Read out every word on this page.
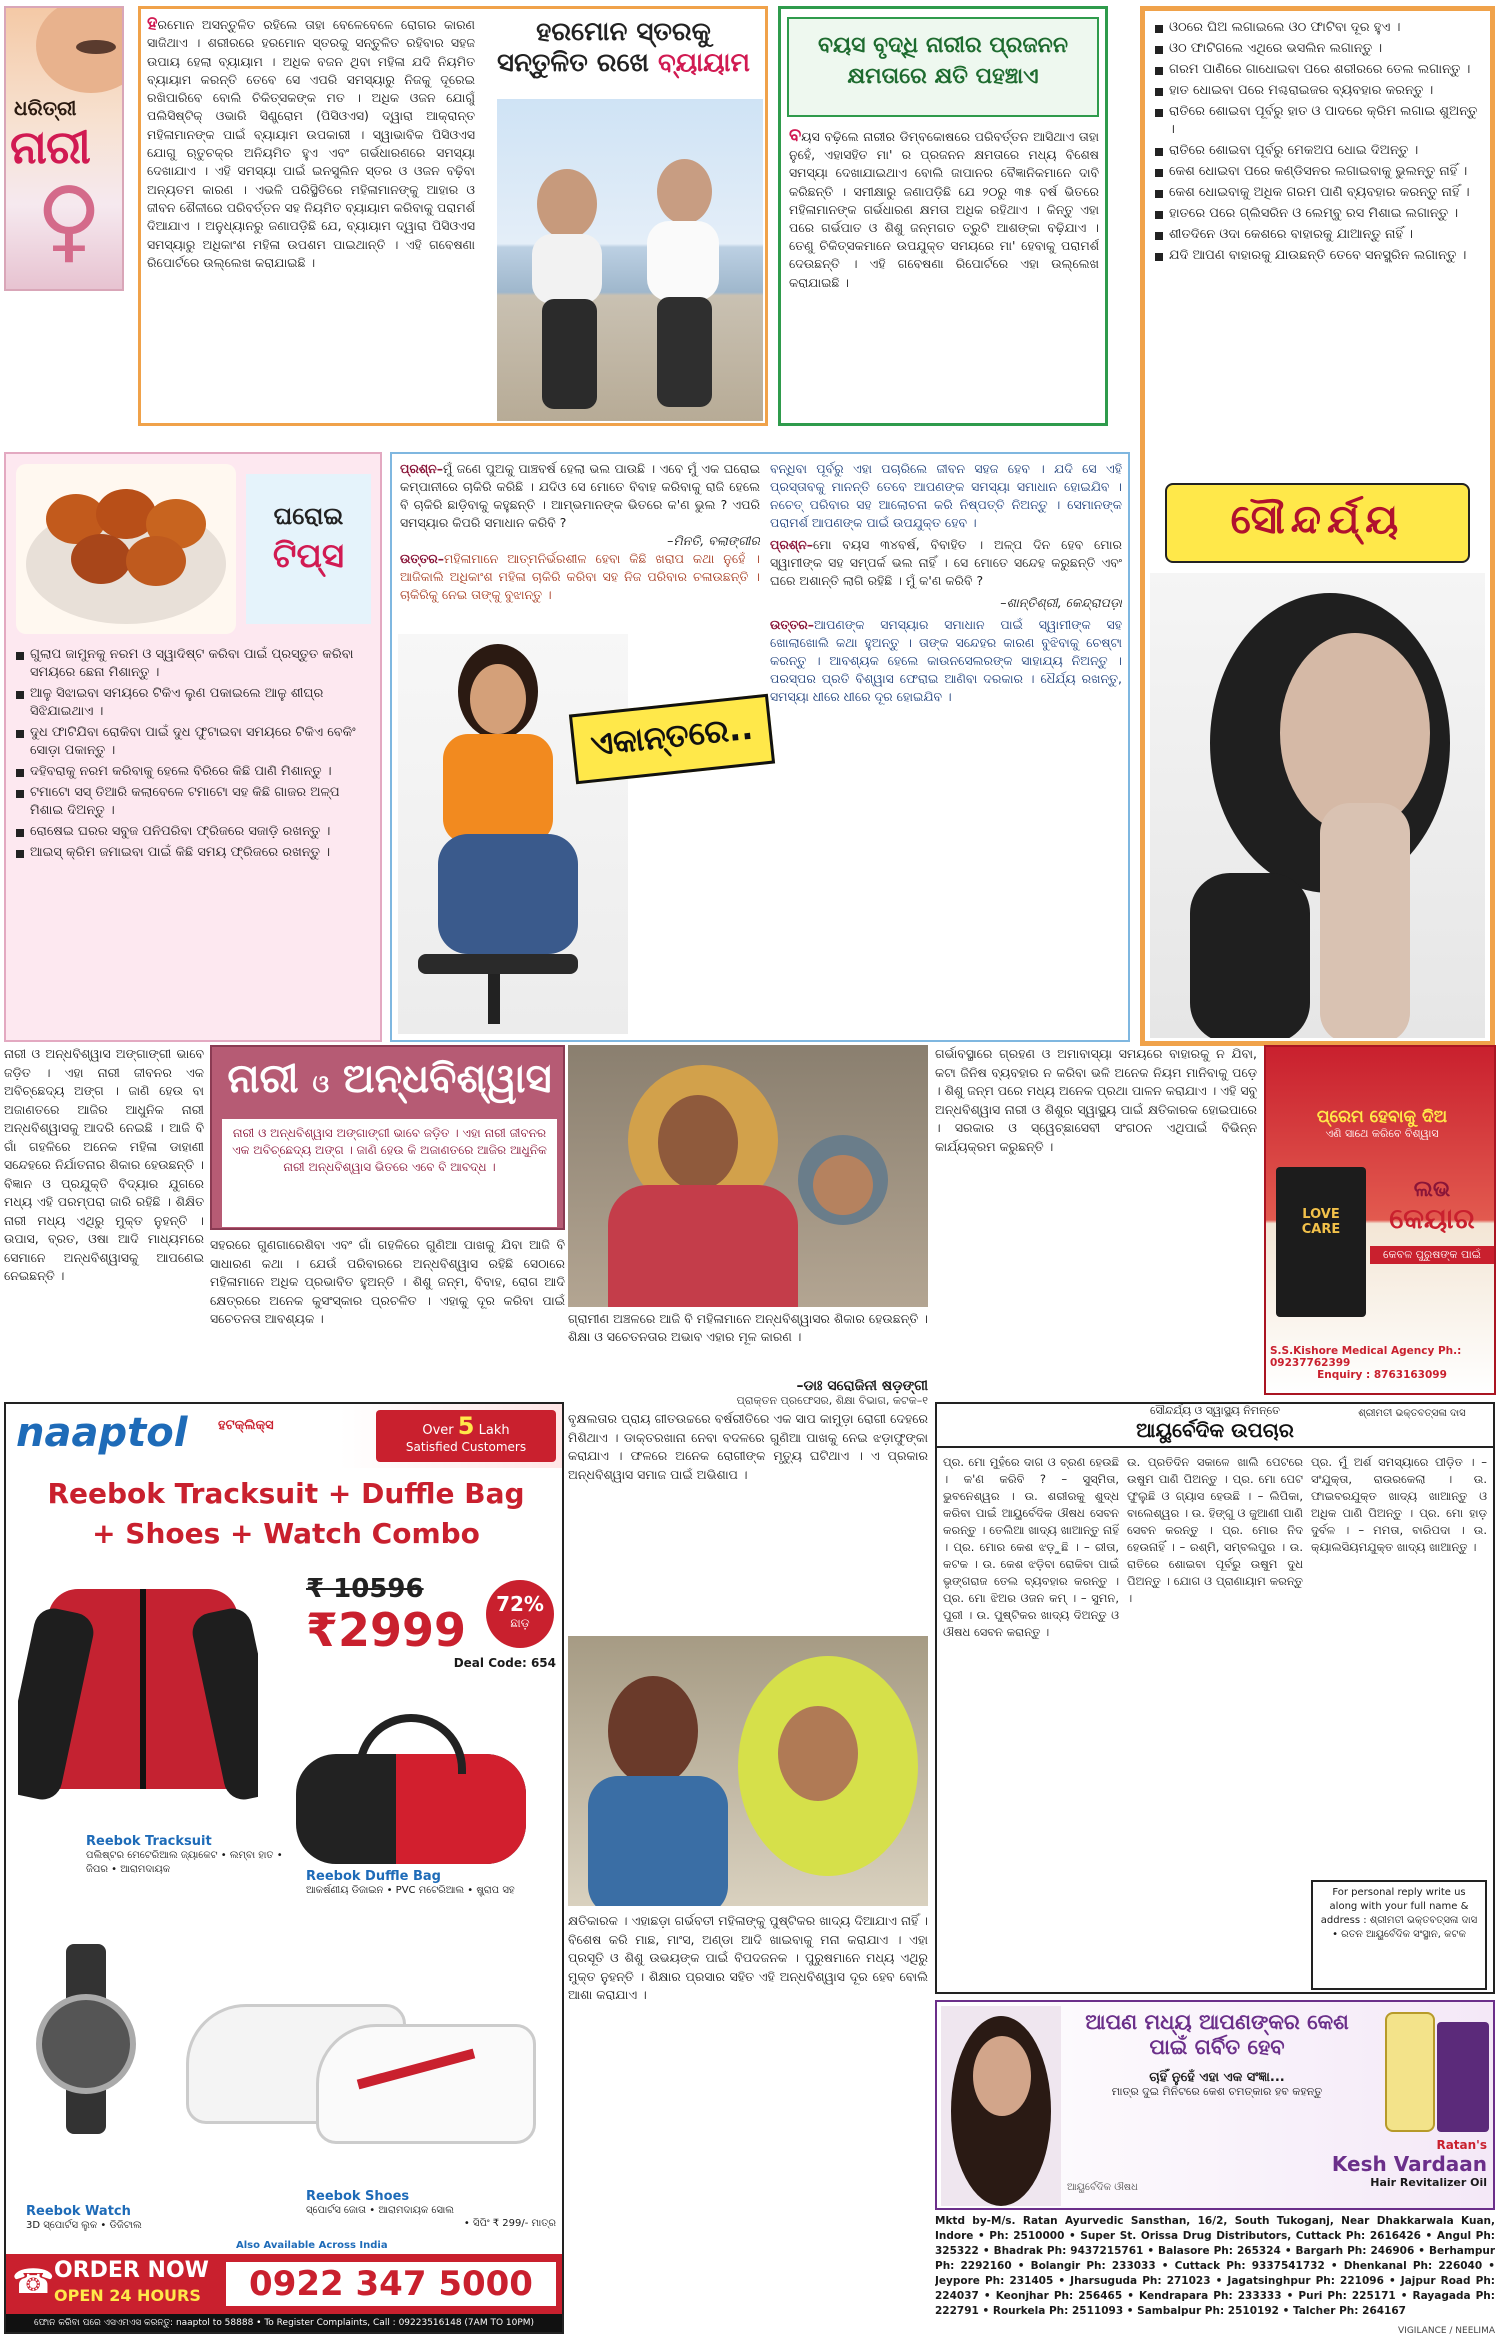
ଧରିତ୍ରୀ
ନାରୀ
♀
ହରମୋନ ଅସନ୍ତୁଳିତ ରହିଲେ ତାହା ବେଳେବେଳେ ରୋଗର କାରଣ ସାଜିଥାଏ । ଶରୀରରେ ହରମୋନ ସ୍ତରକୁ ସନ୍ତୁଳିତ ରହିବାର ସହଜ ଉପାୟ ହେଲା ବ୍ୟାୟାମ । ଅଧିକ ବଜନ ଥିବା ମହିଳା ଯଦି ନିୟମିତ ବ୍ୟାୟାମ କରନ୍ତି ତେବେ ସେ ଏପରି ସମସ୍ୟାରୁ ନିଜକୁ ଦୂରେଇ ରଖିପାରିବେ ବୋଲି ଚିକିତ୍ସକଙ୍କ ମତ । ଅଧିକ ଓଜନ ଯୋଗୁଁ ପଲିସିଷ୍ଟିକ୍ ଓଭାରି ସିଣ୍ଡ୍ରୋମ (ପିସିଓଏସ) ଦ୍ୱାରା ଆକ୍ରାନ୍ତ ମହିଳାମାନଙ୍କ ପାଇଁ ବ୍ୟାୟାମ ଉପକାରୀ । ସ୍ୱାଭାବିକ ପିସିଓଏସ ଯୋଗୁ ଋତୁଚକ୍ର ଅନିୟମିତ ହୁଏ ଏବଂ ଗର୍ଭଧାରଣରେ ସମସ୍ୟା ଦେଖାଯାଏ । ଏହି ସମସ୍ୟା ପାଇଁ ଇନସୁଲିନ ସ୍ତର ଓ ଓଜନ ବଢ଼ିବା ଅନ୍ୟତମ କାରଣ । ଏଭଳି ପରିସ୍ଥିତିରେ ମହିଳାମାନଙ୍କୁ ଆହାର ଓ ଜୀବନ ଶୈଳୀରେ ପରିବର୍ତ୍ତନ ସହ ନିୟମିତ ବ୍ୟାୟାମ କରିବାକୁ ପରାମର୍ଶ ଦିଆଯାଏ । ଅନୁଧ୍ୟାନରୁ ଜଣାପଡ଼ିଛି ଯେ, ବ୍ୟାୟାମ ଦ୍ୱାରା ପିସିଓଏସ ସମସ୍ୟାରୁ ଅଧିକାଂଶ ମହିଳା ଉପଶମ ପାଇଥାନ୍ତି । ଏହି ଗବେଷଣା ରିପୋର୍ଟରେ ଉଲ୍ଲେଖ କରାଯାଇଛି ।
ହରମୋନ ସ୍ତରକୁ
ସନ୍ତୁଳିତ ରଖେ ବ୍ୟାୟାମ
ବୟସ ବୃଦ୍ଧି ନାରୀର ପ୍ରଜନନ
କ୍ଷମତାରେ କ୍ଷତି ପହଞ୍ଚାଏ
ବୟସ ବଢ଼ିଲେ ନାରୀର ଡିମ୍ବକୋଷରେ ପରିବର୍ତ୍ତନ ଆସିଥାଏ ତାହା ନୁହେଁ, ଏହାସହିତ ମା' ର ପ୍ରଜନନ କ୍ଷମତାରେ ମଧ୍ୟ ବିଶେଷ ସମସ୍ୟା ଦେଖାଯାଇଥାଏ ବୋଲି ଜାପାନର ବୈଜ୍ଞାନିକମାନେ ଦାବି କରିଛନ୍ତି । ସମୀକ୍ଷାରୁ ଜଣାପଡ଼ିଛି ଯେ ୨୦ରୁ ୩୫ ବର୍ଷ ଭିତରେ ମହିଳାମାନଙ୍କ ଗର୍ଭଧାରଣ କ୍ଷମତା ଅଧିକ ରହିଥାଏ । କିନ୍ତୁ ଏହା ପରେ ଗର୍ଭପାତ ଓ ଶିଶୁ ଜନ୍ମଗତ ତ୍ରୁଟି ଆଶଙ୍କା ବଢ଼ିଯାଏ । ତେଣୁ ଚିକିତ୍ସକମାନେ ଉପଯୁକ୍ତ ସମୟରେ ମା' ହେବାକୁ ପରାମର୍ଶ ଦେଉଛନ୍ତି । ଏହି ଗବେଷଣା ରିପୋର୍ଟରେ ଏହା ଉଲ୍ଲେଖ କରାଯାଇଛି ।
ଓଠରେ ଘିଅ ଲଗାଇଲେ ଓଠ ଫାଟିବା ଦୂର ହୁଏ ।
ଓଠ ଫାଟିଗଲେ ଏଥିରେ ଭସଲିନ ଲଗାନ୍ତୁ ।
ଗରମ ପାଣିରେ ଗାଧୋଇବା ପରେ ଶରୀରରେ ତେଲ ଲଗାନ୍ତୁ ।
ହାତ ଧୋଇବା ପରେ ମଶ୍ଚରାଇଜର ବ୍ୟବହାର କରନ୍ତୁ ।
ରାତିରେ ଶୋଇବା ପୂର୍ବରୁ ହାତ ଓ ପାଦରେ କ୍ରିମ ଲଗାଇ ଶୁଅନ୍ତୁ ।
ରାତିରେ ଶୋଇବା ପୂର୍ବରୁ ମେକଅପ ଧୋଇ ଦିଅନ୍ତୁ ।
କେଶ ଧୋଇବା ପରେ କଣ୍ଡିସନର ଲଗାଇବାକୁ ଭୁଲନ୍ତୁ ନାହିଁ ।
କେଶ ଧୋଇବାକୁ ଅଧିକ ଗରମ ପାଣି ବ୍ୟବହାର କରନ୍ତୁ ନାହିଁ ।
ହାତରେ ପରେ ଗ୍ଲିସରିନ ଓ ଲେମ୍ବୁ ରସ ମିଶାଇ ଲଗାନ୍ତୁ ।
ଶୀତଦିନେ ଓଦା କେଶରେ ବାହାରକୁ ଯାଆନ୍ତୁ ନାହିଁ ।
ଯଦି ଆପଣ ବାହାରକୁ ଯାଉଛନ୍ତି ତେବେ ସନସ୍କ୍ରିନ ଲଗାନ୍ତୁ ।
ସୌନ୍ଦର୍ଯ୍ୟ
ଘରୋଇ
ଟିପ୍ସ
ଗୁଲାପ ଜାମୁନକୁ ନରମ ଓ ସ୍ୱାଦିଷ୍ଟ କରିବା ପାଇଁ ପ୍ରସ୍ତୁତ କରିବା ସମୟରେ ଛେନା ମିଶାନ୍ତୁ ।
ଆଳୁ ସିଝାଇବା ସମୟରେ ଟିକିଏ ଲୁଣ ପକାଇଲେ ଆଳୁ ଶୀଘ୍ର ସିଝିଯାଇଥାଏ ।
ଦୁଧ ଫାଟିଯିବା ରୋକିବା ପାଇଁ ଦୁଧ ଫୁଟାଇବା ସମୟରେ ଟିକିଏ ବେକିଂ ସୋଡ଼ା ପକାନ୍ତୁ ।
ଦହିବରାକୁ ନରମ କରିବାକୁ ହେଲେ ବିରିରେ କିଛି ପାଣି ମିଶାନ୍ତୁ ।
ଟମାଟୋ ସସ୍ ତିଆରି କଲାବେଳେ ଟମାଟୋ ସହ କିଛି ଗାଜର ଅଳ୍ପ ମିଶାଇ ଦିଅନ୍ତୁ ।
ରୋଷେଇ ଘରର ସବୁଜ ପନିପରିବା ଫ୍ରିଜରେ ସଜାଡ଼ି ରଖନ୍ତୁ ।
ଆଇସ୍ କ୍ରିମ ଜମାଇବା ପାଇଁ କିଛି ସମୟ ଫ୍ରିଜରେ ରଖନ୍ତୁ ।
ପ୍ରଶ୍ନ–ମୁଁ ଜଣେ ପୁଅକୁ ପାଞ୍ଚବର୍ଷ ହେଲା ଭଲ ପାଉଛି । ଏବେ ମୁଁ ଏକ ଘରୋଇ କମ୍ପାନୀରେ ଚାକିରି କରିଛି । ଯଦିଓ ସେ ମୋତେ ବିବାହ କରିବାକୁ ରାଜି ହେଲେ ବି ଚାକିରି ଛାଡ଼ିବାକୁ କହୁଛନ୍ତି । ଆମ୍ଭମାନଙ୍କ ଭିତରେ କ'ଣ ଭୁଲ ? ଏପରି ସମସ୍ୟାର କିପରି ସମାଧାନ କରିବି ?
–ମିନତି, ବଲାଙ୍ଗୀର
ଉତ୍ତର–ମହିଳାମାନେ ଆତ୍ମନିର୍ଭରଶୀଳ ହେବା କିଛି ଖରାପ କଥା ନୁହେଁ । ଆଜିକାଲି ଅଧିକାଂଶ ମହିଳା ଚାକିରି କରିବା ସହ ନିଜ ପରିବାର ଚଳାଉଛନ୍ତି । ଚାକିରିକୁ ନେଇ ତାଙ୍କୁ ବୁଝାନ୍ତୁ ।
ଏକାନ୍ତରେ..

ବନ୍ଧିବା ପୂର୍ବରୁ ଏହା ପଚାରିଲେ ଜୀବନ ସହଜ ହେବ । ଯଦି ସେ ଏହି ପ୍ରସ୍ତାବକୁ ମାନନ୍ତି ତେବେ ଆପଣଙ୍କ ସମସ୍ୟା ସମାଧାନ ହୋଇଯିବ । ନଚେତ୍ ପରିବାର ସହ ଆଲୋଚନା କରି ନିଷ୍ପତ୍ତି ନିଅନ୍ତୁ । ସେମାନଙ୍କ ପରାମର୍ଶ ଆପଣଙ୍କ ପାଇଁ ଉପଯୁକ୍ତ ହେବ ।

ପ୍ରଶ୍ନ–ମୋ ବୟସ ୩୪ବର୍ଷ, ବିବାହିତ । ଅଳ୍ପ ଦିନ ହେବ ମୋର ସ୍ୱାମୀଙ୍କ ସହ ସମ୍ପର୍କ ଭଲ ନାହିଁ । ସେ ମୋତେ ସନ୍ଦେହ କରୁଛନ୍ତି ଏବଂ ଘରେ ଅଶାନ୍ତି ଲାଗି ରହିଛି । ମୁଁ କ'ଣ କରିବି ?

–ଶାନ୍ତିଶ୍ରୀ, କେନ୍ଦ୍ରାପଡ଼ା

ଉତ୍ତର–ଆପଣଙ୍କ ସମସ୍ୟାର ସମାଧାନ ପାଇଁ ସ୍ୱାମୀଙ୍କ ସହ ଖୋଲାଖୋଲି କଥା ହୁଅନ୍ତୁ । ତାଙ୍କ ସନ୍ଦେହର କାରଣ ବୁଝିବାକୁ ଚେଷ୍ଟା କରନ୍ତୁ । ଆବଶ୍ୟକ ହେଲେ କାଉନସେଲରଙ୍କ ସାହାଯ୍ୟ ନିଅନ୍ତୁ । ପରସ୍ପର ପ୍ରତି ବିଶ୍ୱାସ ଫେରାଇ ଆଣିବା ଦରକାର । ଧୈର୍ଯ୍ୟ ରଖନ୍ତୁ, ସମସ୍ୟା ଧୀରେ ଧୀରେ ଦୂର ହୋଇଯିବ ।

ନାରୀ ଓ ଅନ୍ଧବିଶ୍ୱାସ ଅଙ୍ଗାଙ୍ଗୀ ଭାବେ ଜଡ଼ିତ । ଏହା ନାରୀ ଜୀବନର ଏକ ଅବିଚ୍ଛେଦ୍ୟ ଅଙ୍ଗ । ଜାଣି ହେଉ ବା ଅଜାଣତରେ ଆଜିର ଆଧୁନିକ ନାରୀ ଅନ୍ଧବିଶ୍ୱାସକୁ ଆଦରି ନେଇଛି । ଆଜି ବି ଗାଁ ଗହଳିରେ ଅନେକ ମହିଳା ଡାହାଣୀ ସନ୍ଦେହରେ ନିର୍ଯାତନାର ଶିକାର ହେଉଛନ୍ତି । ବିଜ୍ଞାନ ଓ ପ୍ରଯୁକ୍ତି ବିଦ୍ୟାର ଯୁଗରେ ମଧ୍ୟ ଏହି ପରମ୍ପରା ଜାରି ରହିଛି । ଶିକ୍ଷିତ ନାରୀ ମଧ୍ୟ ଏଥିରୁ ମୁକ୍ତ ନୁହନ୍ତି । ଉପାସ, ବ୍ରତ, ଓଷା ଆଦି ମାଧ୍ୟମରେ ସେମାନେ ଅନ୍ଧବିଶ୍ୱାସକୁ ଆପଣେଇ ନେଇଛନ୍ତି ।
ନାରୀ ଓ ଅନ୍ଧବିଶ୍ୱାସ
ନାରୀ ଓ ଅନ୍ଧବିଶ୍ୱାସ ଅଙ୍ଗାଙ୍ଗୀ ଭାବେ ଜଡ଼ିତ । ଏହା ନାରୀ ଜୀବନର ଏକ ଅବିଚ୍ଛେଦ୍ୟ ଅଙ୍ଗ । ଜାଣି ହେଉ କି ଅଜାଣତରେ ଆଜିର ଆଧୁନିକ ନାରୀ ଅନ୍ଧବିଶ୍ୱାସ ଭିତରେ ଏବେ ବି ଆବଦ୍ଧ ।
ସହରରେ ଗୁଣଗାରେଶିବା ଏବଂ ଗାଁ ଗହଳିରେ ଗୁଣିଆ ପାଖକୁ ଯିବା ଆଜି ବି ସାଧାରଣ କଥା । ଯେଉଁ ପରିବାରରେ ଅନ୍ଧବିଶ୍ୱାସ ରହିଛି ସେଠାରେ ମହିଳାମାନେ ଅଧିକ ପ୍ରଭାବିତ ହୁଅନ୍ତି । ଶିଶୁ ଜନ୍ମ, ବିବାହ, ରୋଗ ଆଦି କ୍ଷେତ୍ରରେ ଅନେକ କୁସଂସ୍କାର ପ୍ରଚଳିତ । ଏହାକୁ ଦୂର କରିବା ପାଇଁ ସଚେତନତା ଆବଶ୍ୟକ ।	ଗ୍ରାମୀଣ ଅଞ୍ଚଳରେ ଆଜି ବି ମହିଳାମାନେ ଅନ୍ଧବିଶ୍ୱାସର ଶିକାର ହେଉଛନ୍ତି । ଶିକ୍ଷା ଓ ସଚେତନତାର ଅଭାବ ଏହାର ମୂଳ କାରଣ ।
–ଡାଃ ସରୋଜିନୀ ଷଡ଼ଙ୍ଗୀ
ପ୍ରାକ୍ତନ ପ୍ରଫେସର, ଶିକ୍ଷା ବିଭାଗ, କଟକ–୧
ଗର୍ଭାବସ୍ଥାରେ ଗ୍ରହଣ ଓ ଅମାବାସ୍ୟା ସମୟରେ ବାହାରକୁ ନ ଯିବା, କଟା ଜିନିଷ ବ୍ୟବହାର ନ କରିବା ଭଳି ଅନେକ ନିୟମ ମାନିବାକୁ ପଡ଼େ । ଶିଶୁ ଜନ୍ମ ପରେ ମଧ୍ୟ ଅନେକ ପ୍ରଥା ପାଳନ କରାଯାଏ । ଏହି ସବୁ ଅନ୍ଧବିଶ୍ୱାସ ନାରୀ ଓ ଶିଶୁର ସ୍ୱାସ୍ଥ୍ୟ ପାଇଁ କ୍ଷତିକାରକ ହୋଇପାରେ । ସରକାର ଓ ସ୍ୱେଚ୍ଛାସେବୀ ସଂଗଠନ ଏଥିପାଇଁ ବିଭିନ୍ନ କାର୍ଯ୍ୟକ୍ରମ କରୁଛନ୍ତି ।
ପ୍ରେମ ହେବାକୁ ଦିଅ
ଏଣି ସାଥେ କରିବେ ବିଶ୍ୱାସ
LOVE
CARE
ଲଭ
କେୟାର
କେବଳ ପୁରୁଷଙ୍କ ପାଇଁ
S.S.Kishore Medical Agency Ph.: 09237762399
Enquiry : 8763163099
naaptol ହଟକ୍ଲିକ୍ସ	Over 5 Lakh
Satisfied Customers
Reebok Tracksuit + Duffle Bag
+ Shoes + Watch Combo
₹ 10596
₹2999
Deal Code: 654
72%
ଛାଡ଼
Reebok Tracksuit
ପଲିଷ୍ଟର ମେଟେରିଆଲ ଜ୍ୟାକେଟ • ଲମ୍ବା ହାତ • ଜିପର • ଆରାମଦାୟକ	Reebok Duffle Bag
ଆକର୍ଷଣୀୟ ଡିଜାଇନ • PVC ମଟେରିଆଲ • ଷ୍ଟ୍ରାପ ସହ
Reebok Watch
3D ସ୍ପୋର୍ଟସ ଲୁକ • ଡିଜିଟାଲ
Reebok Shoes
ସ୍ପୋର୍ଟସ ଜୋତା • ଆରାମଦାୟକ ସୋଲ
• ସିପିଂ ₹ 299/- ମାତ୍ର
☎ ORDER NOW
OPEN 24 HOURS
Also Available Across India
0922 347 5000
ଫୋନ କରିବା ପରେ ଏସଏମଏସ କରନ୍ତୁ: naaptol to 58888 • To Register Complaints, Call : 09223516148 (7AM TO 10PM)
ବୃକ୍ଷଲତାର ପ୍ରାୟ ଗୀତଉଚ୍ଚରେ ବର୍ଷରୀତିରେ ଏକ ସାପ କାମୁଡ଼ା ରୋଗୀ ଦେହରେ ମିଶିଥାଏ । ଡାକ୍ତରଖାନା ନେବା ବଦଳରେ ଗୁଣିଆ ପାଖକୁ ନେଇ ଝଡ଼ାଫୁଙ୍କା କରାଯାଏ । ଫଳରେ ଅନେକ ରୋଗୀଙ୍କ ମୃତ୍ୟୁ ଘଟିଥାଏ । ଏ ପ୍ରକାର ଅନ୍ଧବିଶ୍ୱାସ ସମାଜ ପାଇଁ ଅଭିଶାପ ।
କ୍ଷତିକାରକ । ଏହାଛଡ଼ା ଗର୍ଭବତୀ ମହିଳାଙ୍କୁ ପୁଷ୍ଟିକର ଖାଦ୍ୟ ଦିଆଯାଏ ନାହିଁ । ବିଶେଷ କରି ମାଛ, ମାଂସ, ଅଣ୍ଡା ଆଦି ଖାଇବାକୁ ମନା କରାଯାଏ । ଏହା ପ୍ରସୂତି ଓ ଶିଶୁ ଉଭୟଙ୍କ ପାଇଁ ବିପଦଜନକ । ପୁରୁଷମାନେ ମଧ୍ୟ ଏଥିରୁ ମୁକ୍ତ ନୁହନ୍ତି । ଶିକ୍ଷାର ପ୍ରସାର ସହିତ ଏହି ଅନ୍ଧବିଶ୍ୱାସ ଦୂର ହେବ ବୋଲି ଆଶା କରାଯାଏ ।
ସୌନ୍ଦର୍ଯ୍ୟ ଓ ସ୍ୱାସ୍ଥ୍ୟ ନିମନ୍ତେ
ଆୟୁର୍ବେଦିକ ଉପଚାର
ଶ୍ରୀମତୀ ଭକ୍ତବତ୍ସଳା ଦାସ
ପ୍ର. ମୋ ମୁହଁରେ ଦାଗ ଓ ବ୍ରଣ ହେଉଛି । କ'ଣ କରିବି ? – ସୁସ୍ମିତା, ଭୁବନେଶ୍ୱର । ଉ. ଶରୀରକୁ ଶୁଦ୍ଧ କରିବା ପାଇଁ ଆୟୁର୍ବେଦିକ ଔଷଧ ସେବନ କରନ୍ତୁ । ତେଲିଆ ଖାଦ୍ୟ ଖାଆନ୍ତୁ ନାହିଁ । ପ୍ର. ମୋର କେଶ ଝଡ଼ୁଛି । – ରୀତା, କଟକ । ଉ. କେଶ ଝଡ଼ିବା ରୋକିବା ପାଇଁ ଭୃଙ୍ଗରାଜ ତେଲ ବ୍ୟବହାର କରନ୍ତୁ । ପ୍ର. ମୋ ଝିଅର ଓଜନ କମ୍ । – ସୁମନ, ପୁରୀ । ଉ. ପୁଷ୍ଟିକର ଖାଦ୍ୟ ଦିଅନ୍ତୁ ଓ ଔଷଧ ସେବନ କରାନ୍ତୁ ।
ଉ. ପ୍ରତିଦିନ ସକାଳେ ଖାଲି ପେଟରେ ଉଷୁମ ପାଣି ପିଅନ୍ତୁ । ପ୍ର. ମୋ ପେଟ ଫୁଲୁଛି ଓ ଗ୍ୟାସ ହେଉଛି । – ଲିପିକା, ବାଲେଶ୍ୱର । ଉ. ହିଙ୍ଗୁ ଓ ଜୁଆଣୀ ପାଣି ସେବନ କରନ୍ତୁ । ପ୍ର. ମୋର ନିଦ ହେଉନାହିଁ । – ରଶ୍ମି, ସମ୍ବଲପୁର । ଉ. ରାତିରେ ଶୋଇବା ପୂର୍ବରୁ ଉଷୁମ ଦୁଧ ପିଅନ୍ତୁ । ଯୋଗ ଓ ପ୍ରାଣାୟାମ କରନ୍ତୁ ।
ପ୍ର. ମୁଁ ଅର୍ଶ ସମସ୍ୟାରେ ପୀଡ଼ିତ । – ସଂଯୁକ୍ତା, ରାଉରକେଲା । ଉ. ଫାଇବରଯୁକ୍ତ ଖାଦ୍ୟ ଖାଆନ୍ତୁ ଓ ଅଧିକ ପାଣି ପିଅନ୍ତୁ । ପ୍ର. ମୋ ହାଡ଼ ଦୁର୍ବଳ । – ମମତା, ବାରିପଦା । ଉ. କ୍ୟାଲସିୟମଯୁକ୍ତ ଖାଦ୍ୟ ଖାଆନ୍ତୁ ।
For personal reply write us along with your full name & address : ଶ୍ରୀମତୀ ଭକ୍ତବତ୍ସଳା ଦାସ • ରତନ ଆୟୁର୍ବେଦିକ ସଂସ୍ଥାନ, କଟକ
ଆପଣ ମଧ୍ୟ ଆପଣଙ୍କର କେଶ
ପାଇଁ ଗର୍ବିତ ହେବ
ଚାହିଁ ନୁହେଁ ଏହା ଏକ ସଂଜ୍ଞା...
ମାତ୍ର ଦୁଇ ମିନିଟରେ କେଶ ଚମତ୍କାର ହବ କହନ୍ତୁ
Ratan's
Kesh Vardaan
Hair Revitalizer Oil
ଆୟୁର୍ବେଦିକ ଔଷଧ
Mktd by-M/s. Ratan Ayurvedic Sansthan, 16/2, South Tukoganj, Near Dhakkarwala Kuan, Indore • Ph: 2510000 • Super St. Orissa Drug Distributors, Cuttack Ph: 2616426 • Angul Ph: 325322 • Bhadrak Ph: 9437215761 • Balasore Ph: 265324 • Bargarh Ph: 246906 • Berhampur Ph: 2292160 • Bolangir Ph: 233033 • Cuttack Ph: 9337541732 • Dhenkanal Ph: 226040 • Jeypore Ph: 231405 • Jharsuguda Ph: 271023 • Jagatsinghpur Ph: 221096 • Jajpur Road Ph: 224037 • Keonjhar Ph: 256465 • Kendrapara Ph: 233333 • Puri Ph: 225171 • Rayagada Ph: 222791 • Rourkela Ph: 2511093 • Sambalpur Ph: 2510192 • Talcher Ph: 264167
VIGILANCE / NEELIMA
